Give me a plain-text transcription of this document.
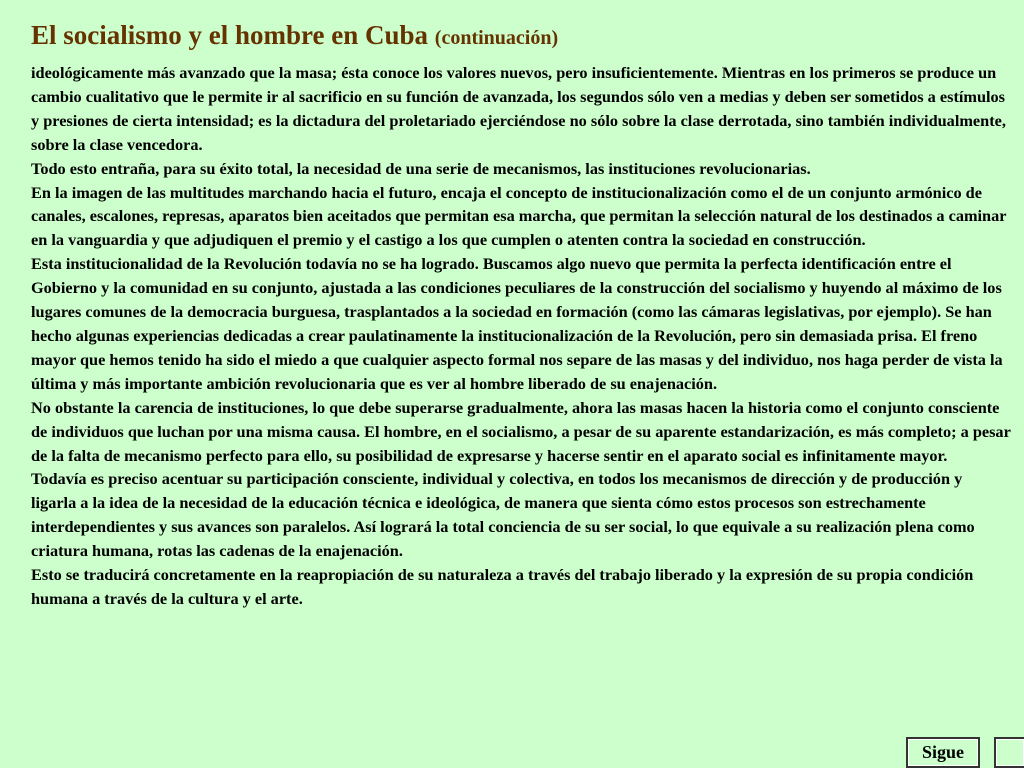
El socialismo y el hombre en Cuba (continuación)

ideológicamente más avanzado que la masa; ésta conoce los valores nuevos, pero insuficientemente. Mientras en los primeros se produce un cambio cualitativo que le permite ir al sacrificio en su función de avanzada, los segundos sólo ven a medias y deben ser sometidos a estímulos y presiones de cierta intensidad; es la dictadura del proletariado ejerciéndose no sólo sobre la clase derrotada, sino también individualmente, sobre la clase vencedora.

Todo esto entraña, para su éxito total, la necesidad de una serie de mecanismos, las instituciones revolucionarias.

En la imagen de las multitudes marchando hacia el futuro, encaja el concepto de institucionalización como el de un conjunto armónico de canales, escalones, represas, aparatos bien aceitados que permitan esa marcha, que permitan la selección natural de los destinados a caminar en la vanguardia y que adjudiquen el premio y el castigo a los que cumplen o atenten contra la sociedad en construcción.

Esta institucionalidad de la Revolución todavía no se ha logrado. Buscamos algo nuevo que permita la perfecta identificación entre el Gobierno y la comunidad en su conjunto, ajustada a las condiciones peculiares de la construcción del socialismo y huyendo al máximo de los lugares comunes de la democracia burguesa, trasplantados a la sociedad en formación (como las cámaras legislativas, por ejemplo). Se han hecho algunas experiencias dedicadas a crear paulatinamente la institucionalización de la Revolución, pero sin demasiada prisa. El freno mayor que hemos tenido ha sido el miedo a que cualquier aspecto formal nos separe de las masas y del individuo, nos haga perder de vista la última y más importante ambición revolucionaria que es ver al hombre liberado de su enajenación.

No obstante la carencia de instituciones, lo que debe superarse gradualmente, ahora las masas hacen la historia como el conjunto consciente de individuos que luchan por una misma causa. El hombre, en el socialismo, a pesar de su aparente estandarización, es más completo; a pesar de la falta de mecanismo perfecto para ello, su posibilidad de expresarse y hacerse sentir en el aparato social es infinitamente mayor.

Todavía es preciso acentuar su participación consciente, individual y colectiva, en todos los mecanismos de dirección y de producción y ligarla a la idea de la necesidad de la educación técnica e ideológica, de manera que sienta cómo estos procesos son estrechamente interdependientes y sus avances son paralelos. Así logrará la total conciencia de su ser social, lo que equivale a su realización plena como criatura humana, rotas las cadenas de la enajenación.

Esto se traducirá concretamente en la reapropiación de su naturaleza a través del trabajo liberado y la expresión de su propia condición humana a través de la cultura y el arte.

Sigue
